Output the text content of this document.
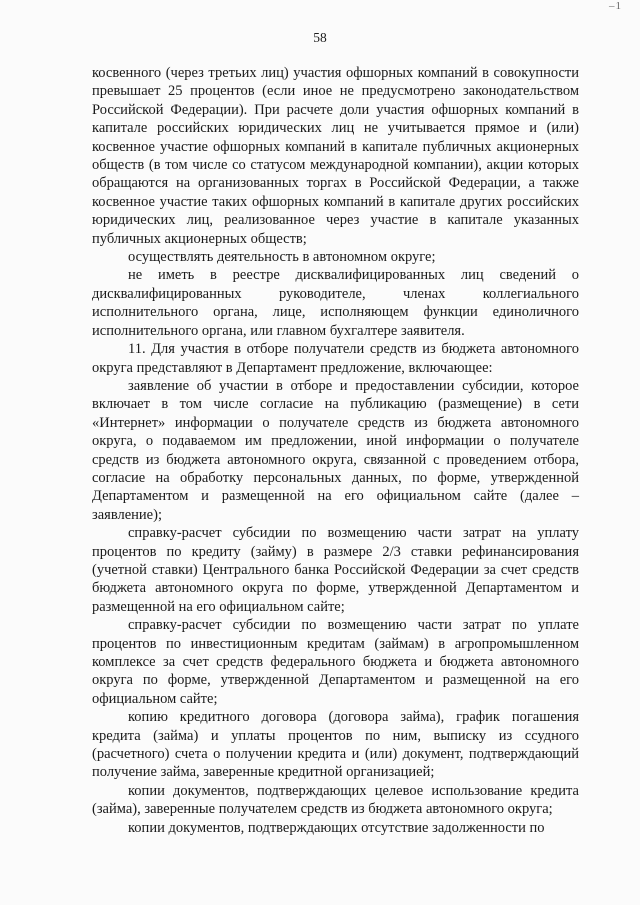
–1
58

косвенного (через третьих лиц) участия офшорных компаний в совокупности превышает 25 процентов (если иное не предусмотрено законодательством Российской Федерации). При расчете доли участия офшорных компаний в капитале российских юридических лиц не учитывается прямое и (или) косвенное участие офшорных компаний в капитале публичных акционерных обществ (в том числе со статусом международной компании), акции которых обращаются на организованных торгах в Российской Федерации, а также косвенное участие таких офшорных компаний в капитале других российских юридических лиц, реализованное через участие в капитале указанных публичных акционерных обществ;

осуществлять деятельность в автономном округе;

не иметь в реестре дисквалифицированных лиц сведений о дисквалифицированных руководителе, членах коллегиального исполнительного органа, лице, исполняющем функции единоличного исполнительного органа, или главном бухгалтере заявителя.

11. Для участия в отборе получатели средств из бюджета автономного округа представляют в Департамент предложение, включающее:

заявление об участии в отборе и предоставлении субсидии, которое включает в том числе согласие на публикацию (размещение) в сети «Интернет» информации о получателе средств из бюджета автономного округа, о подаваемом им предложении, иной информации о получателе средств из бюджета автономного округа, связанной с проведением отбора, согласие на обработку персональных данных, по форме, утвержденной Департаментом и размещенной на его официальном сайте (далее – заявление);

справку-расчет субсидии по возмещению части затрат на уплату процентов по кредиту (займу) в размере 2/3 ставки рефинансирования (учетной ставки) Центрального банка Российской Федерации за счет средств бюджета автономного округа по форме, утвержденной Департаментом и размещенной на его официальном сайте;

справку-расчет субсидии по возмещению части затрат по уплате процентов по инвестиционным кредитам (займам) в агропромышленном комплексе за счет средств федерального бюджета и бюджета автономного округа по форме, утвержденной Департаментом и размещенной на его официальном сайте;

копию кредитного договора (договора займа), график погашения кредита (займа) и уплаты процентов по ним, выписку из ссудного (расчетного) счета о получении кредита и (или) документ, подтверждающий получение займа, заверенные кредитной организацией;

копии документов, подтверждающих целевое использование кредита (займа), заверенные получателем средств из бюджета автономного округа;

копии документов, подтверждающих отсутствие задолженности по
